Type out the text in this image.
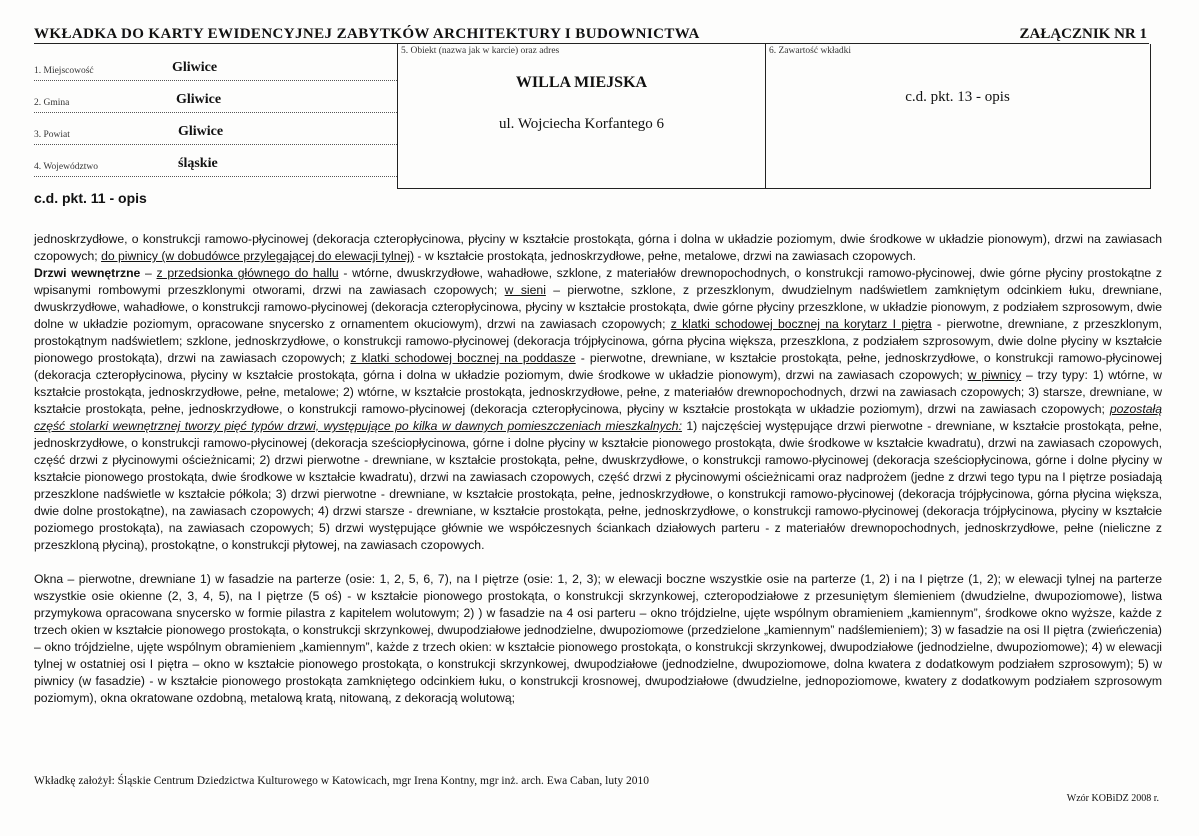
WKŁADKA DO KARTY EWIDENCYJNEJ ZABYTKÓW ARCHITEKTURY I BUDOWNICTWA	ZAŁĄCZNIK NR 1
1. Miejscowość	Gliwice
2. Gmina	Gliwice
3. Powiat	Gliwice
4. Województwo	śląskie
5. Obiekt (nazwa jak w karcie) oraz adres
WILLA MIEJSKA
ul. Wojciecha Korfantego 6
6. Zawartość wkładki
c.d. pkt. 13 - opis
c.d. pkt. 11 - opis

jednoskrzydłowe, o konstrukcji ramowo-płycinowej (dekoracja czteropłycinowa, płyciny w kształcie prostokąta, górna i dolna w układzie poziomym, dwie środkowe w układzie pionowym), drzwi na zawiasach czopowych; do piwnicy (w dobudówce przylegającej do elewacji tylnej) - w kształcie prostokąta, jednoskrzydłowe, pełne, metalowe, drzwi na zawiasach czopowych.

Drzwi wewnętrzne – z przedsionka głównego do hallu - wtórne, dwuskrzydłowe, wahadłowe, szklone, z materiałów drewnopochodnych, o konstrukcji ramowo-płycinowej, dwie górne płyciny prostokątne z wpisanymi rombowymi przeszklonymi otworami, drzwi na zawiasach czopowych; w sieni – pierwotne, szklone, z przeszklonym, dwudzielnym nadświetlem zamkniętym odcinkiem łuku, drewniane, dwuskrzydłowe, wahadłowe, o konstrukcji ramowo-płycinowej (dekoracja czteropłycinowa, płyciny w kształcie prostokąta, dwie górne płyciny przeszklone, w układzie pionowym, z podziałem szprosowym, dwie dolne w układzie poziomym, opracowane snycersko z ornamentem okuciowym), drzwi na zawiasach czopowych; z klatki schodowej bocznej na korytarz I piętra - pierwotne, drewniane, z przeszklonym, prostokątnym nadświetlem; szklone, jednoskrzydłowe, o konstrukcji ramowo-płycinowej (dekoracja trójpłycinowa, górna płycina większa, przeszklona, z podziałem szprosowym, dwie dolne płyciny w kształcie pionowego prostokąta), drzwi na zawiasach czopowych; z klatki schodowej bocznej na poddasze - pierwotne, drewniane, w kształcie prostokąta, pełne, jednoskrzydłowe, o konstrukcji ramowo-płycinowej (dekoracja czteropłycinowa, płyciny w kształcie prostokąta, górna i dolna w układzie poziomym, dwie środkowe w układzie pionowym), drzwi na zawiasach czopowych; w piwnicy – trzy typy: 1) wtórne, w kształcie prostokąta, jednoskrzydłowe, pełne, metalowe; 2) wtórne, w kształcie prostokąta, jednoskrzydłowe, pełne, z materiałów drewnopochodnych, drzwi na zawiasach czopowych; 3) starsze, drewniane, w kształcie prostokąta, pełne, jednoskrzydłowe, o konstrukcji ramowo-płycinowej (dekoracja czteropłycinowa, płyciny w kształcie prostokąta w układzie poziomym), drzwi na zawiasach czopowych; pozostałą część stolarki wewnętrznej tworzy pięć typów drzwi, występujące po kilka w dawnych pomieszczeniach mieszkalnych: 1) najczęściej występujące drzwi pierwotne - drewniane, w kształcie prostokąta, pełne, jednoskrzydłowe, o konstrukcji ramowo-płycinowej (dekoracja sześciopłycinowa, górne i dolne płyciny w kształcie pionowego prostokąta, dwie środkowe w kształcie kwadratu), drzwi na zawiasach czopowych, część drzwi z płycinowymi ościeżnicami; 2) drzwi pierwotne - drewniane, w kształcie prostokąta, pełne, dwuskrzydłowe, o konstrukcji ramowo-płycinowej (dekoracja sześciopłycinowa, górne i dolne płyciny w kształcie pionowego prostokąta, dwie środkowe w kształcie kwadratu), drzwi na zawiasach czopowych, część drzwi z płycinowymi ościeżnicami oraz nadprożem (jedne z drzwi tego typu na I piętrze posiadają przeszklone nadświetle w kształcie półkola; 3) drzwi pierwotne - drewniane, w kształcie prostokąta, pełne, jednoskrzydłowe, o konstrukcji ramowo-płycinowej (dekoracja trójpłycinowa, górna płycina większa, dwie dolne prostokątne), na zawiasach czopowych; 4) drzwi starsze - drewniane, w kształcie prostokąta, pełne, jednoskrzydłowe, o konstrukcji ramowo-płycinowej (dekoracja trójpłycinowa, płyciny w kształcie poziomego prostokąta), na zawiasach czopowych; 5) drzwi występujące głównie we współczesnych ściankach działowych parteru - z materiałów drewnopochodnych, jednoskrzydłowe, pełne (nieliczne z przeszkloną płyciną), prostokątne, o konstrukcji płytowej, na zawiasach czopowych.

Okna – pierwotne, drewniane 1) w fasadzie na parterze (osie: 1, 2, 5, 6, 7), na I piętrze (osie: 1, 2, 3); w elewacji boczne wszystkie osie na parterze (1, 2) i na I piętrze (1, 2); w elewacji tylnej na parterze wszystkie osie okienne (2, 3, 4, 5), na I piętrze (5 oś) - w kształcie pionowego prostokąta, o konstrukcji skrzynkowej, czteropodziałowe z przesuniętym ślemieniem (dwudzielne, dwupoziomowe), listwa przymykowa opracowana snycersko w formie pilastra z kapitelem wolutowym; 2) ) w fasadzie na 4 osi parteru – okno trójdzielne, ujęte wspólnym obramieniem „kamiennym”, środkowe okno wyższe, każde z trzech okien w kształcie pionowego prostokąta, o konstrukcji skrzynkowej, dwupodziałowe jednodzielne, dwupoziomowe (przedzielone „kamiennym” nadślemieniem); 3) w fasadzie na osi II piętra (zwieńczenia) – okno trójdzielne, ujęte wspólnym obramieniem „kamiennym”, każde z trzech okien: w kształcie pionowego prostokąta, o konstrukcji skrzynkowej, dwupodziałowe (jednodzielne, dwupoziomowe); 4) w elewacji tylnej w ostatniej osi I piętra – okno w kształcie pionowego prostokąta, o konstrukcji skrzynkowej, dwupodziałowe (jednodzielne, dwupoziomowe, dolna kwatera z dodatkowym podziałem szprosowym); 5) w piwnicy (w fasadzie) - w kształcie pionowego prostokąta zamkniętego odcinkiem łuku, o konstrukcji krosnowej, dwupodziałowe (dwudzielne, jednopoziomowe, kwatery z dodatkowym podziałem szprosowym poziomym), okna okratowane ozdobną, metalową kratą, nitowaną, z dekoracją wolutową;

Wkładkę założył: Śląskie Centrum Dziedzictwa Kulturowego w Katowicach, mgr Irena Kontny, mgr inż. arch. Ewa Caban, luty 2010
Wzór KOBiDZ 2008 r.
